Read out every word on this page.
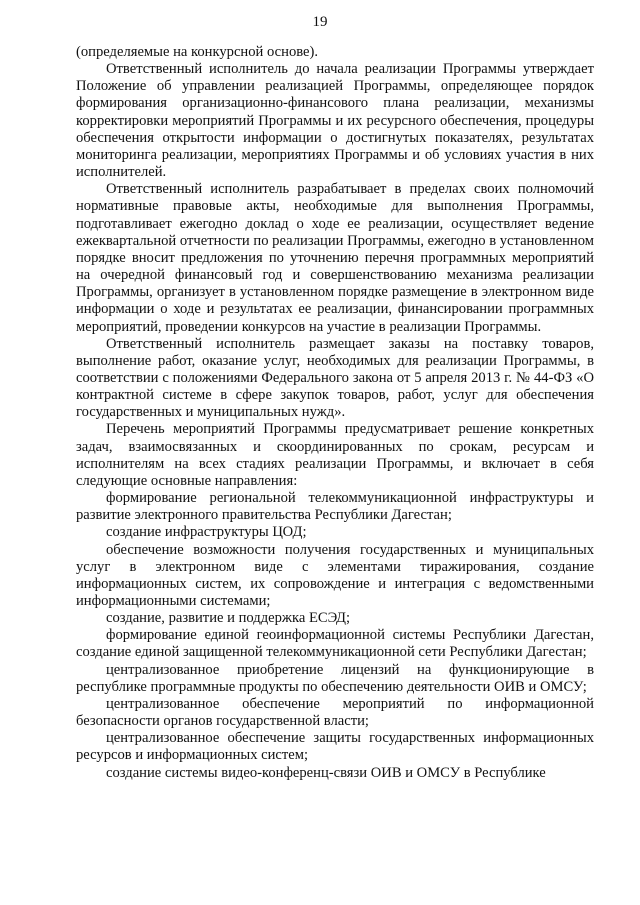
19

(определяемые на конкурсной основе).

Ответственный исполнитель до начала реализации Программы утверждает Положение об управлении реализацией Программы, определяющее порядок формирования организационно-финансового плана реализации, механизмы корректировки мероприятий Программы и их ресурсного обеспечения, процедуры обеспечения открытости информации о достигнутых показателях, результатах мониторинга реализации, мероприятиях Программы и об условиях участия в них исполнителей.

Ответственный исполнитель разрабатывает в пределах своих полномочий нормативные правовые акты, необходимые для выполнения Программы, подготавливает ежегодно доклад о ходе ее реализации, осуществляет ведение ежеквартальной отчетности по реализации Программы, ежегодно в установленном порядке вносит предложения по уточнению перечня программных мероприятий на очередной финансовый год и совершенствованию механизма реализации Программы, организует в установленном порядке размещение в электронном виде информации о ходе и результатах ее реализации, финансировании программных мероприятий, проведении конкурсов на участие в реализации Программы.

Ответственный исполнитель размещает заказы на поставку товаров, выполнение работ, оказание услуг, необходимых для реализации Программы, в соответствии с положениями Федерального закона от 5 апреля 2013 г. № 44-ФЗ «О контрактной системе в сфере закупок товаров, работ, услуг для обеспечения государственных и муниципальных нужд».

Перечень мероприятий Программы предусматривает решение конкретных задач, взаимосвязанных и скоординированных по срокам, ресурсам и исполнителям на всех стадиях реализации Программы, и включает в себя следующие основные направления:

формирование региональной телекоммуникационной инфраструктуры и развитие электронного правительства Республики Дагестан;

создание инфраструктуры ЦОД;

обеспечение возможности получения государственных и муниципальных услуг в электронном виде с элементами тиражирования, создание информационных систем, их сопровождение и интеграция с ведомственными информационными системами;

создание, развитие и поддержка ЕСЭД;

формирование единой геоинформационной системы Республики Дагестан, создание единой защищенной телекоммуникационной сети Республики Дагестан;

централизованное приобретение лицензий на функционирующие в республике программные продукты по обеспечению деятельности ОИВ и ОМСУ;

централизованное обеспечение мероприятий по информационной безопасности органов государственной власти;

централизованное обеспечение защиты государственных информационных ресурсов и информационных систем;

создание системы видео-конференц-связи ОИВ и ОМСУ в Республике
